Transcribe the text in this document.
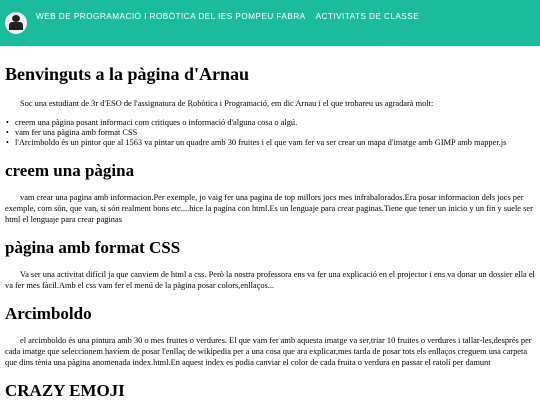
WEB DE PROGRAMACIÓ I ROBÒTICA DEL IES POMPEU FABRA ACTIVITATS DE CLASSE
Benvinguts a la pàgina d'Arnau

Soc una estudiant de 3r d'ESO de l'assignatura de Robòtica i Programació, em dic Arnau i el que trobareu us agradarà molt:

• creem una pàgina posant informaci com critiques o informació d'alguna cosa o algú.
• vam fer una pàgina amb format CSS
• l'Arcimboldo és un pintor que al 1563 va pintar un quadre amb 30 fruites i el que vam fer va ser crear un mapa d'imatge amb GIMP amb mapper.js
creem una pàgina

vam crear una pagina amb informacion.Per exemple, jo vaig fer una pagina de top millors jocs mes infrabalorados.Era posar informacion dels jocs per exemple, com són, que van, si són realment bons etc....hice la pagina con html.Es un lenguaje para crear paginas.Tiene que tener un inicio y un fin y suele ser html el lenguaje para crear paginas

pàgina amb format CSS

Va ser una activitat difícil ja que canviem de html a css. Però la nostra professora ens va fer una explicació en el projector i ens va donar un dossier ella el va fer mes fàcil.Amb el css vam fer el menú de la pàgina posar colors,enllaços...

Arcimboldo

el arcimboldo és una pintura amb 30 o mes fruites o verdures. El que vam fer amb aquesta imatge va ser,triar 10 fruites o verdures i tallar-les,després per cada imatge que seleccionem havíem de posar l'enllaç de wikipedia per a una cosa que ara explicar,mes tarda de posar tots els enllaços creguem una carpeta que dins tènia una pàgina anomenada index.html.En aquest index es podia canviar el color de cada fruita o verdura en passar el ratolí per damunt

CRAZY EMOJI
